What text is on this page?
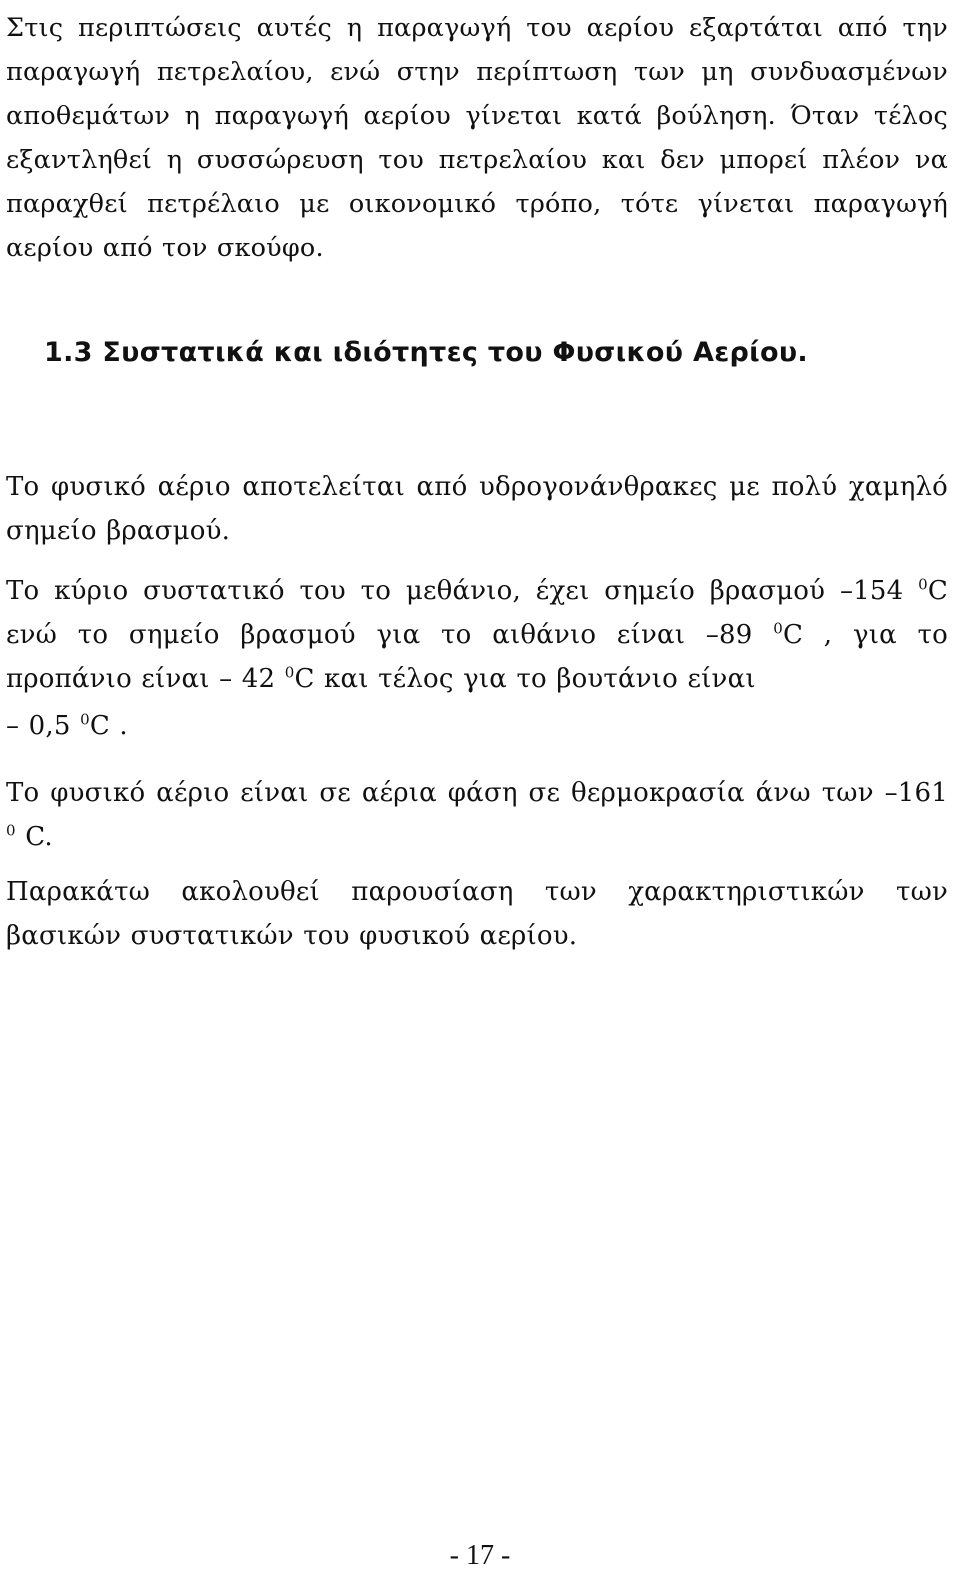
Στις περιπτώσεις αυτές η παραγωγή του αερίου εξαρτάται από την παραγωγή πετρελαίου, ενώ στην περίπτωση των μη συνδυασμένων αποθεμάτων η παραγωγή αερίου γίνεται κατά βούληση. Όταν τέλος εξαντληθεί η συσσώρευση του πετρελαίου και δεν μπορεί πλέον να παραχθεί πετρέλαιο με οικονομικό τρόπο, τότε γίνεται παραγωγή αερίου από τον σκούφο.

1.3 Συστατικά και ιδιότητες του Φυσικού Αερίου.

Το φυσικό αέριο αποτελείται από υδρογονάνθρακες με πολύ χαμηλό σημείο βρασμού.

Το κύριο συστατικό του το μεθάνιο, έχει σημείο βρασμού –154 $^0$C ενώ το σημείο βρασμού για το αιθάνιο είναι –89 $^0$C , για το προπάνιο είναι – 42 $^0$C και τέλος για το βουτάνιο είναι

– 0,5 $^0$C .

Το φυσικό αέριο είναι σε αέρια φάση σε θερμοκρασία άνω των –161 $^0$ C.

Παρακάτω ακολουθεί παρουσίαση των χαρακτηριστικών των βασικών συστατικών του φυσικού αερίου.

- 17 -
